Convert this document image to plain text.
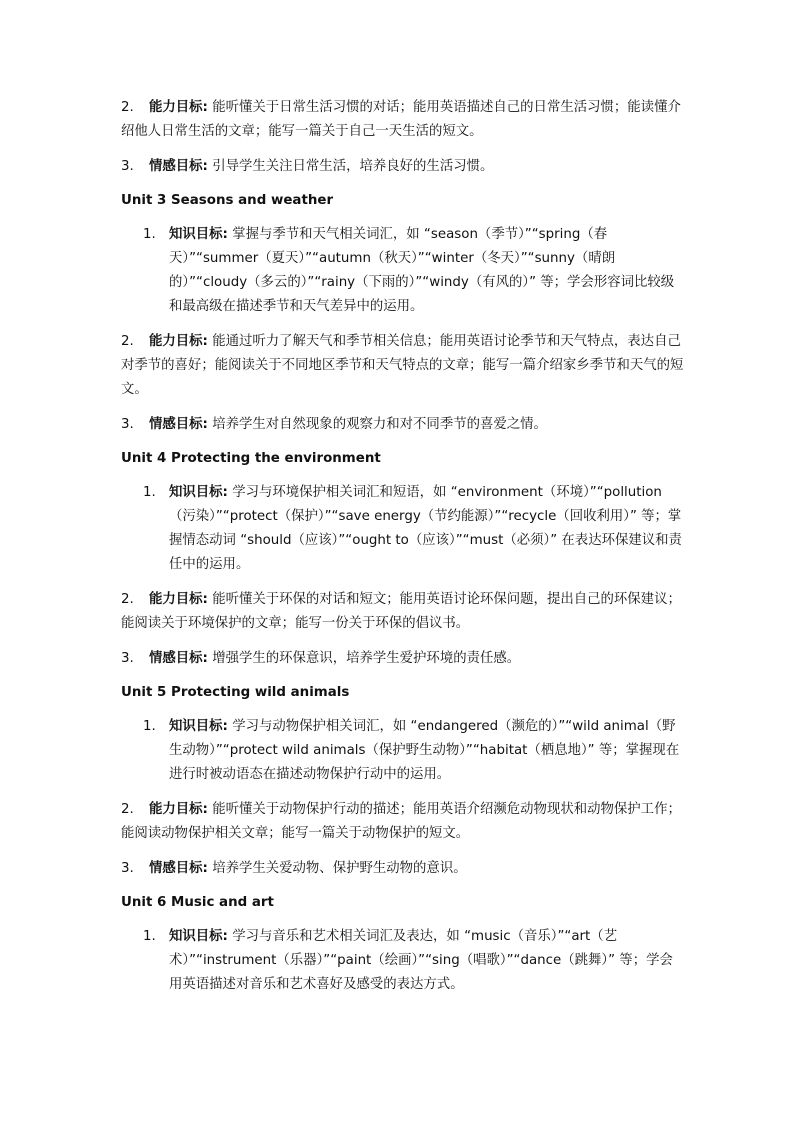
2. 能力目标: 能听懂关于日常生活习惯的对话；能用英语描述自己的日常生活习惯；能读懂介绍他人日常生活的文章；能写一篇关于自己一天生活的短文。

3. 情感目标: 引导学生关注日常生活，培养良好的生活习惯。

Unit 3 Seasons and weather
1. 知识目标: 掌握与季节和天气相关词汇，如 “season（季节）”“spring（春天）”“summer（夏天）”“autumn（秋天）”“winter（冬天）”“sunny（晴朗的）”“cloudy（多云的）”“rainy（下雨的）”“windy（有风的）” 等；学会形容词比较级和最高级在描述季节和天气差异中的运用。

2. 能力目标: 能通过听力了解天气和季节相关信息；能用英语讨论季节和天气特点，表达自己对季节的喜好；能阅读关于不同地区季节和天气特点的文章；能写一篇介绍家乡季节和天气的短文。

3. 情感目标: 培养学生对自然现象的观察力和对不同季节的喜爱之情。

Unit 4 Protecting the environment
1. 知识目标: 学习与环境保护相关词汇和短语，如 “environment（环境）”“pollution（污染）”“protect（保护）”“save energy（节约能源）”“recycle（回收利用）” 等；掌握情态动词 “should（应该）”“ought to（应该）”“must（必须）” 在表达环保建议和责任中的运用。

2. 能力目标: 能听懂关于环保的对话和短文；能用英语讨论环保问题，提出自己的环保建议；能阅读关于环境保护的文章；能写一份关于环保的倡议书。

3. 情感目标: 增强学生的环保意识，培养学生爱护环境的责任感。

Unit 5 Protecting wild animals
1. 知识目标: 学习与动物保护相关词汇，如 “endangered（濒危的）”“wild animal（野生动物）”“protect wild animals（保护野生动物）”“habitat（栖息地）” 等；掌握现在进行时被动语态在描述动物保护行动中的运用。

2. 能力目标: 能听懂关于动物保护行动的描述；能用英语介绍濒危动物现状和动物保护工作；能阅读动物保护相关文章；能写一篇关于动物保护的短文。

3. 情感目标: 培养学生关爱动物、保护野生动物的意识。

Unit 6 Music and art
1. 知识目标: 学习与音乐和艺术相关词汇及表达，如 “music（音乐）”“art（艺术）”“instrument（乐器）”“paint（绘画）”“sing（唱歌）”“dance（跳舞）” 等；学会用英语描述对音乐和艺术喜好及感受的表达方式。
